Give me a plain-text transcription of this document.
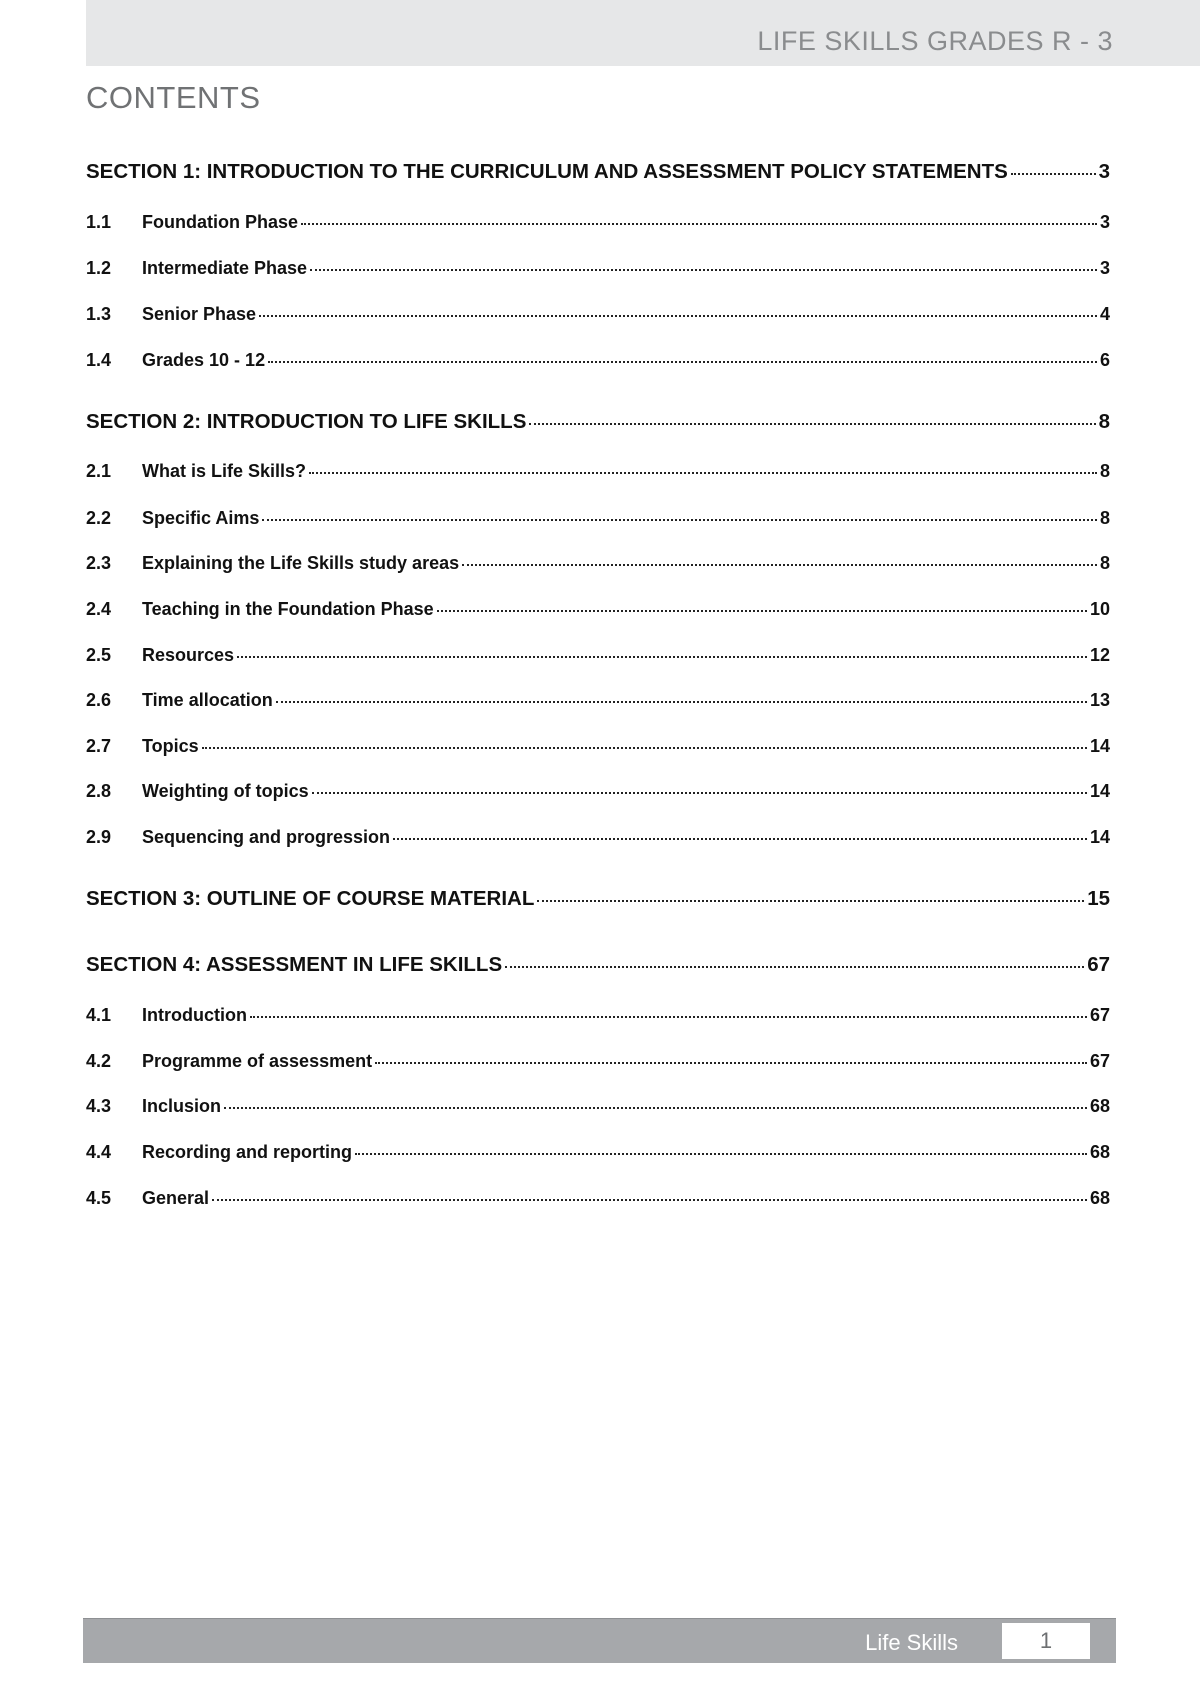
LIFE SKILLS GRADES R - 3
CONTENTS
SECTION 1: INTRODUCTION TO THE CURRICULUM AND ASSESSMENT POLICY STATEMENTS	3
1.1	Foundation Phase	3
1.2	Intermediate Phase	3
1.3	Senior Phase	4
1.4	Grades 10 - 12	6
SECTION 2: INTRODUCTION TO LIFE SKILLS	8
2.1	What is Life Skills?	8
2.2	Specific Aims	8
2.3	Explaining the Life Skills study areas	8
2.4	Teaching in the Foundation Phase	10
2.5	Resources	12
2.6	Time allocation	13
2.7	Topics	14
2.8	Weighting of topics	14
2.9	Sequencing and progression	14
SECTION 3: OUTLINE OF COURSE MATERIAL	15
SECTION 4: ASSESSMENT IN LIFE SKILLS	67
4.1	Introduction	67
4.2	Programme of assessment	67
4.3	Inclusion	68
4.4	Recording and reporting	68
4.5	General	68
Life Skills	1
